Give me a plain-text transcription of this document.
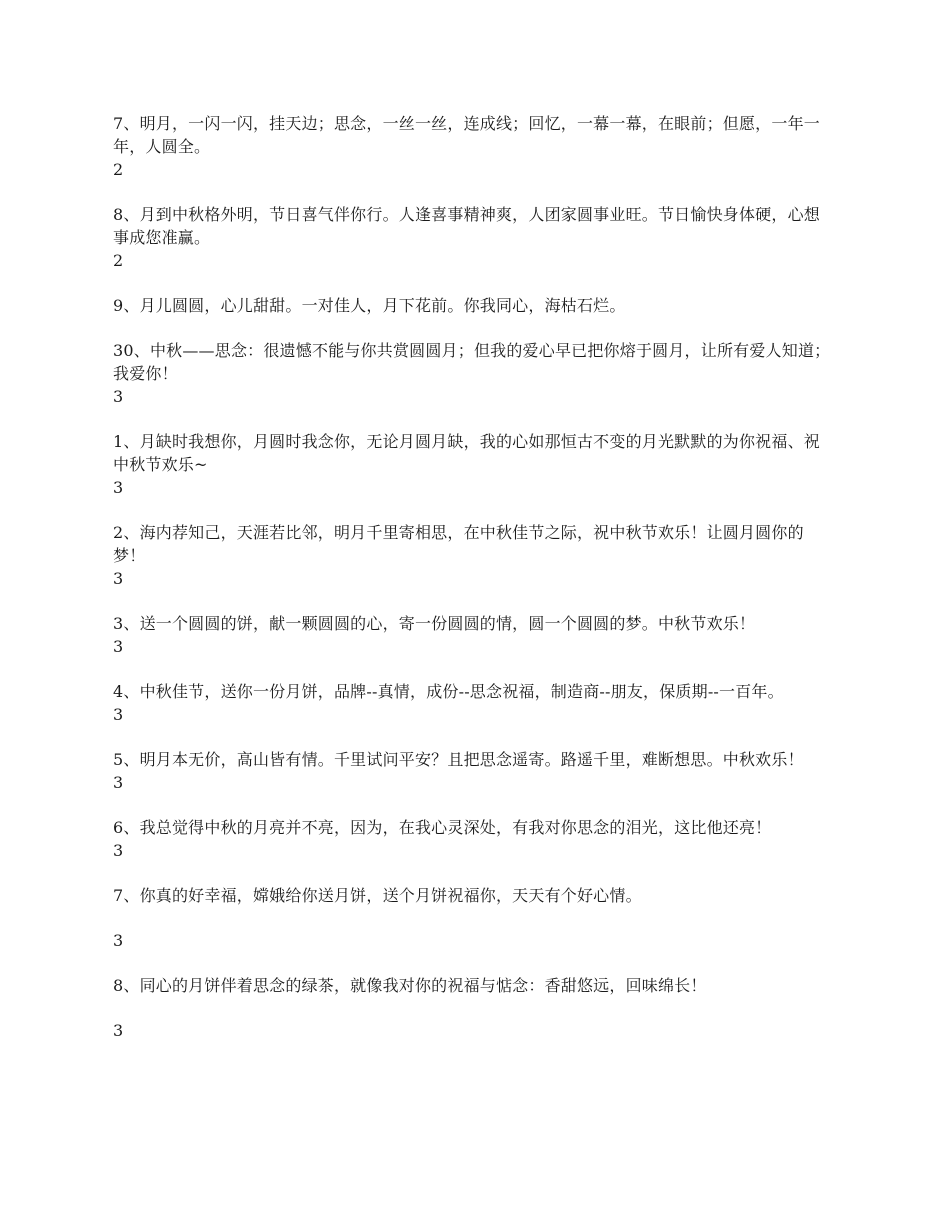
7、明月，一闪一闪，挂天边；思念，一丝一丝，连成线；回忆，一幕一幕，在眼前；但愿，一年一年，人圆全。

2

8、月到中秋格外明，节日喜气伴你行。人逢喜事精神爽，人团家圆事业旺。节日愉快身体硬，心想事成您准赢。

2

9、月儿圆圆，心儿甜甜。一对佳人，月下花前。你我同心，海枯石烂。

30、中秋——思念：很遗憾不能与你共赏圆圆月；但我的爱心早已把你熔于圆月，让所有爱人知道；我爱你！

3

1、月缺时我想你，月圆时我念你，无论月圆月缺，我的心如那恒古不变的月光默默的为你祝福、祝中秋节欢乐~

3

2、海内荐知己，天涯若比邻，明月千里寄相思，在中秋佳节之际，祝中秋节欢乐！让圆月圆你的梦！

3

3、送一个圆圆的饼，献一颗圆圆的心，寄一份圆圆的情，圆一个圆圆的梦。中秋节欢乐！

3

4、中秋佳节，送你一份月饼，品牌--真情，成份--思念祝福，制造商--朋友，保质期--一百年。

3

5、明月本无价，高山皆有情。千里试问平安？且把思念遥寄。路遥千里，难断想思。中秋欢乐！

3

6、我总觉得中秋的月亮并不亮，因为，在我心灵深处，有我对你思念的泪光，这比他还亮！

3

7、你真的好幸福，嫦娥给你送月饼，送个月饼祝福你，天天有个好心情。

3

8、同心的月饼伴着思念的绿茶，就像我对你的祝福与惦念：香甜悠远，回味绵长！

3
